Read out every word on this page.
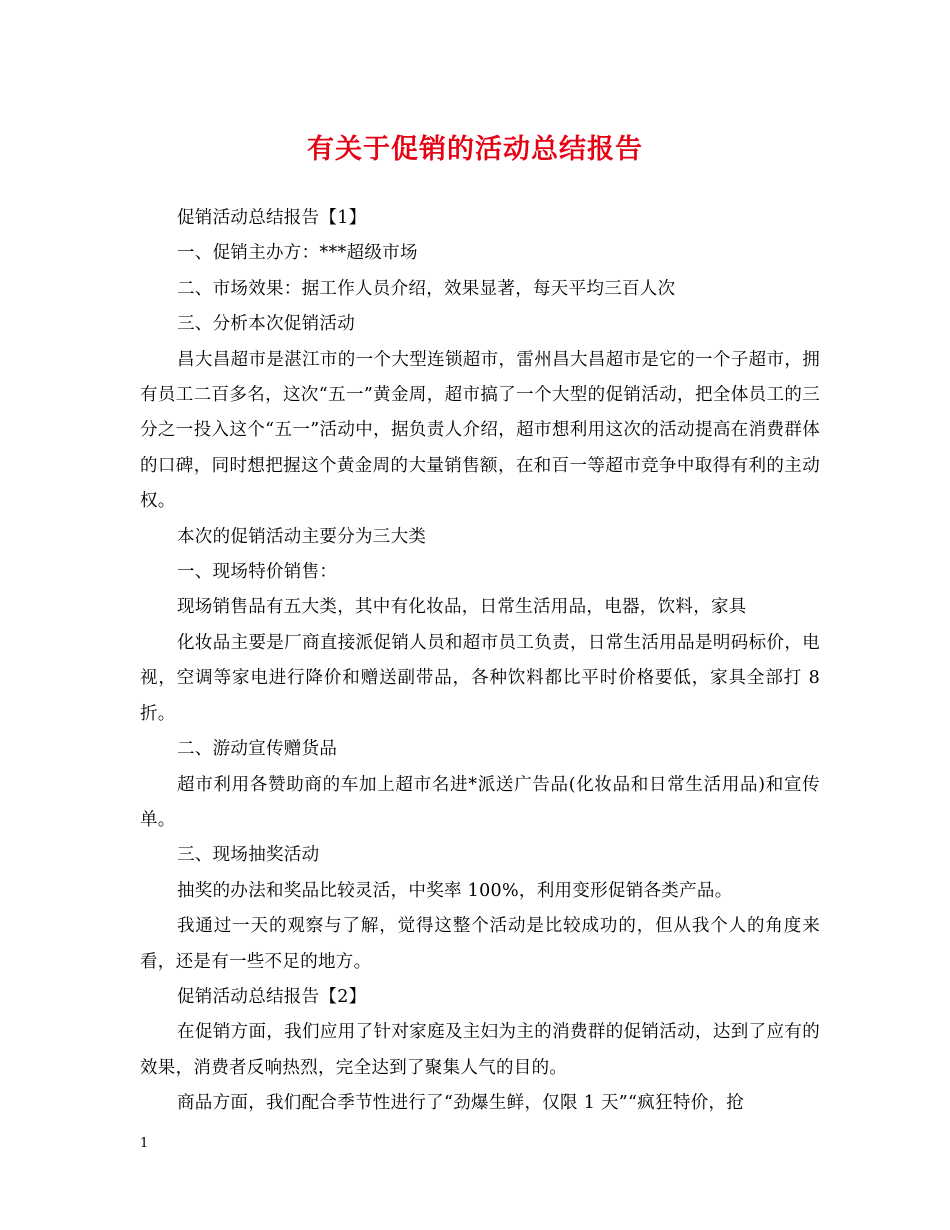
有关于促销的活动总结报告

促销活动总结报告【1】

一、促销主办方：***超级市场

二、市场效果：据工作人员介绍，效果显著，每天平均三百人次

三、分析本次促销活动

昌大昌超市是湛江市的一个大型连锁超市，雷州昌大昌超市是它的一个子超市，拥有员工二百多名，这次“五一”黄金周，超市搞了一个大型的促销活动，把全体员工的三分之一投入这个“五一”活动中，据负责人介绍，超市想利用这次的活动提高在消费群体的口碑，同时想把握这个黄金周的大量销售额，在和百一等超市竞争中取得有利的主动权。

本次的促销活动主要分为三大类

一、现场特价销售：

现场销售品有五大类，其中有化妆品，日常生活用品，电器，饮料，家具

化妆品主要是厂商直接派促销人员和超市员工负责，日常生活用品是明码标价，电视，空调等家电进行降价和赠送副带品，各种饮料都比平时价格要低，家具全部打 8 折。

二、游动宣传赠货品

超市利用各赞助商的车加上超市名进*派送广告品(化妆品和日常生活用品)和宣传单。

三、现场抽奖活动

抽奖的办法和奖品比较灵活，中奖率 100%，利用变形促销各类产品。

我通过一天的观察与了解，觉得这整个活动是比较成功的，但从我个人的角度来看，还是有一些不足的地方。

促销活动总结报告【2】

在促销方面，我们应用了针对家庭及主妇为主的消费群的促销活动，达到了应有的效果，消费者反响热烈，完全达到了聚集人气的目的。

商品方面，我们配合季节性进行了“劲爆生鲜，仅限 1 天”“疯狂特价，抢

1
